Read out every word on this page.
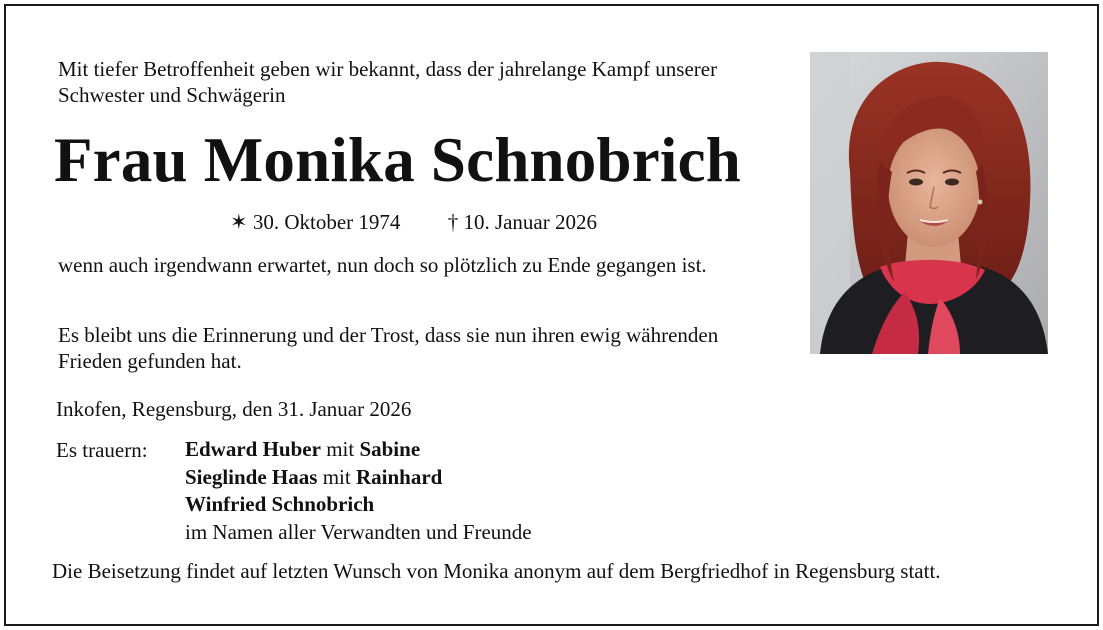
Mit tiefer Betroffenheit geben wir bekannt, dass der jahrelange Kampf unserer Schwester und Schwägerin
Frau Monika Schnobrich
✶ 30. Oktober 1974 † 10. Januar 2026
wenn auch irgendwann erwartet, nun doch so plötzlich zu Ende gegangen ist.
Es bleibt uns die Erinnerung und der Trost, dass sie nun ihren ewig währenden Frieden gefunden hat.
Inkofen, Regensburg, den 31. Januar 2026
Es trauern: Edward Huber mit Sabine
Sieglinde Haas mit Rainhard
Winfried Schnobrich
im Namen aller Verwandten und Freunde
Die Beisetzung findet auf letzten Wunsch von Monika anonym auf dem Bergfriedhof in Regensburg statt.
